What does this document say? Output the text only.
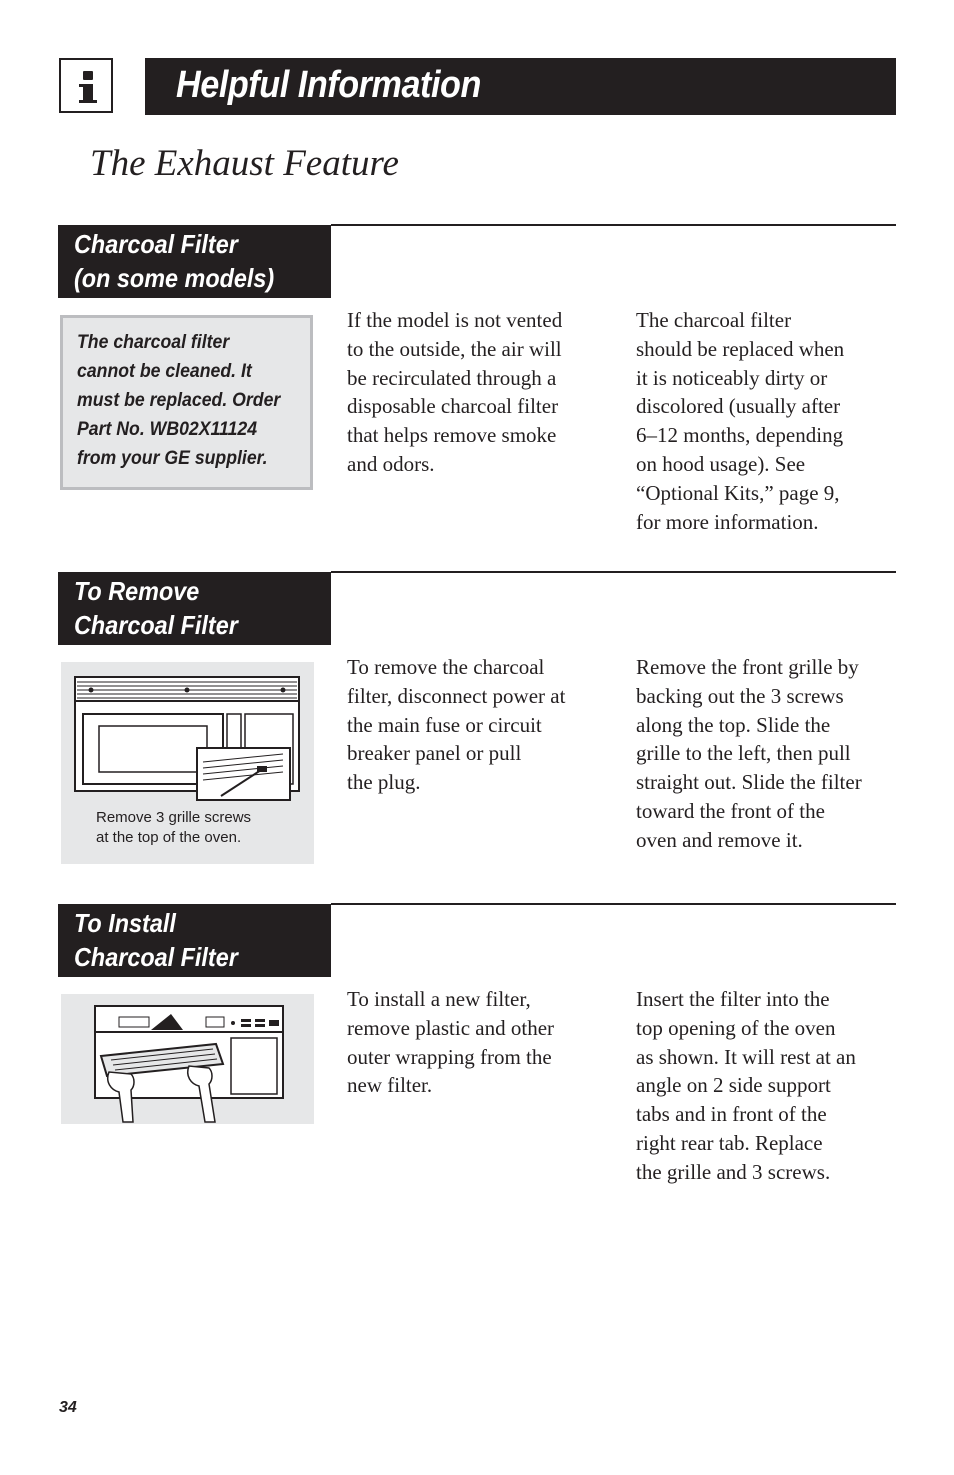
Helpful Information
The Exhaust Feature
Charcoal Filter
(on some models)
The charcoal filter
cannot be cleaned. It
must be replaced. Order
Part No. WB02X11124
from your GE supplier.
If the model is not vented
to the outside, the air will
be recirculated through a
disposable charcoal filter
that helps remove smoke
and odors.
The charcoal filter
should be replaced when
it is noticeably dirty or
discolored (usually after
6–12 months, depending
on hood usage). See
“Optional Kits,” page 9,
for more information.
To Remove
Charcoal Filter
Remove 3 grille screws
at the top of the oven.
To remove the charcoal
filter, disconnect power at
the main fuse or circuit
breaker panel or pull
the plug.
Remove the front grille by
backing out the 3 screws
along the top. Slide the
grille to the left, then pull
straight out. Slide the filter
toward the front of the
oven and remove it.
To Install
Charcoal Filter
To install a new filter,
remove plastic and other
outer wrapping from the
new filter.
Insert the filter into the
top opening of the oven
as shown. It will rest at an
angle on 2 side support
tabs and in front of the
right rear tab. Replace
the grille and 3 screws.
34
